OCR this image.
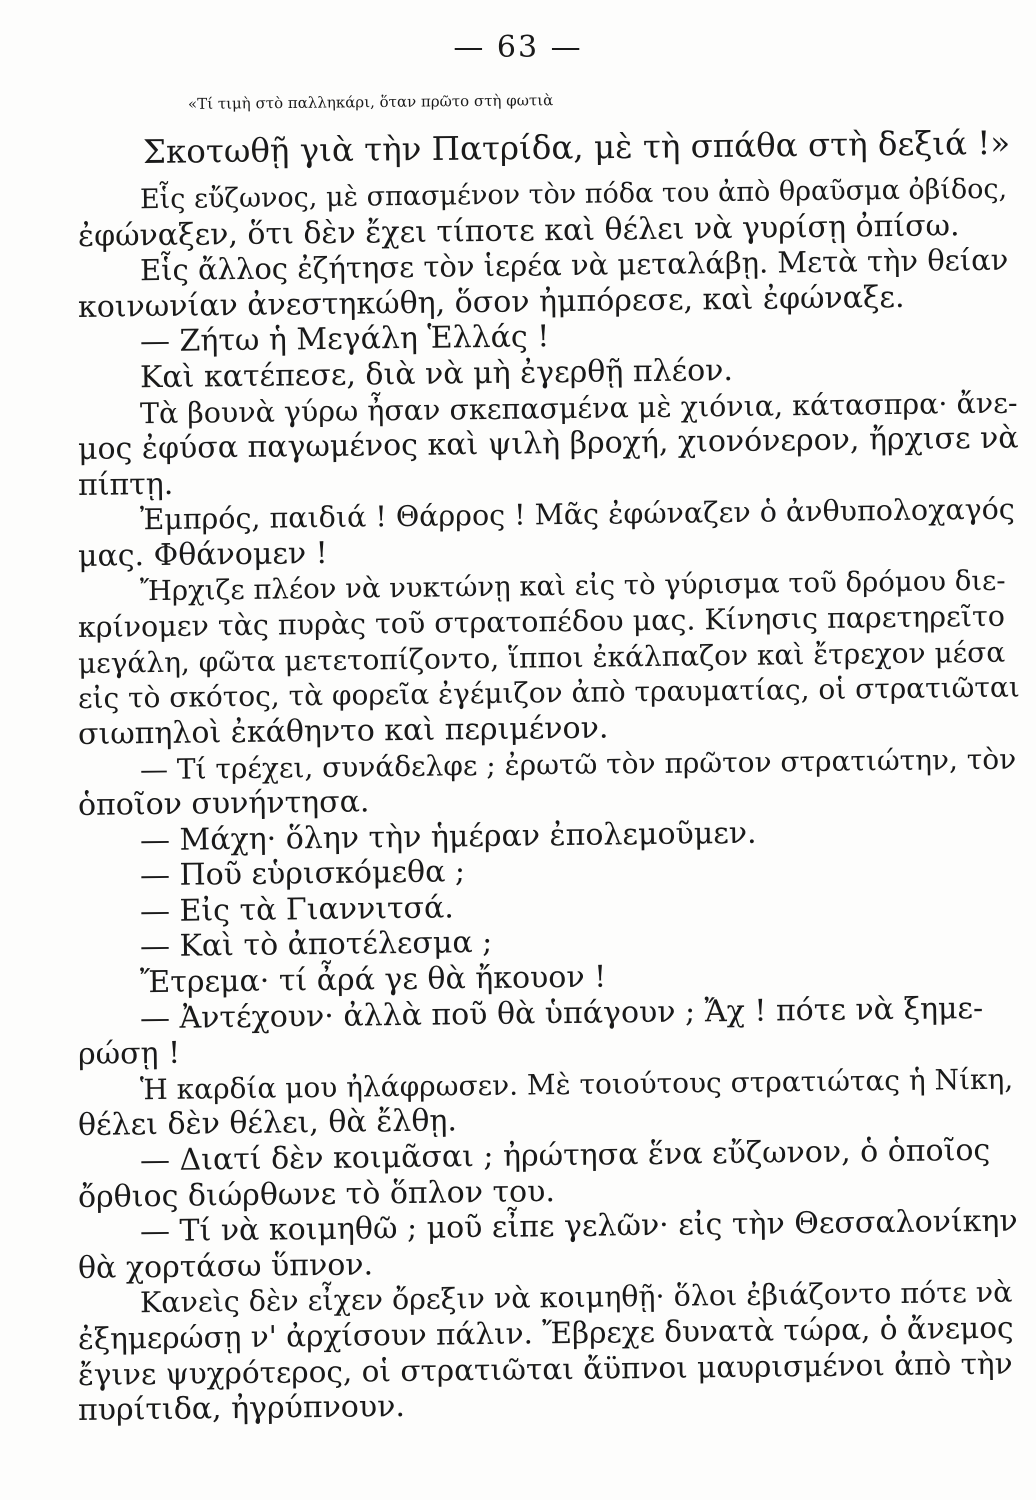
— 63 —
«Τί τιμὴ στὸ παλληκάρι, ὅταν πρῶτο στὴ φωτιὰ
Σκοτωθῇ γιὰ τὴν Πατρίδα, μὲ τὴ σπάθα στὴ δεξιά !»
Εἷς εὔζωνος, μὲ σπασμένον τὸν πόδα του ἀπὸ θραῦσμα ὀβίδος,
ἐφώναξεν, ὅτι δὲν ἔχει τίποτε καὶ θέλει νὰ γυρίσῃ ὀπίσω.
Εἷς ἄλλος ἐζήτησε τὸν ἱερέα νὰ μεταλάβῃ. Μετὰ τὴν θείαν
κοινωνίαν ἀνεστηκώθη, ὅσον ἠμπόρεσε, καὶ ἐφώναξε.
— Ζήτω ἡ Μεγάλη Ἑλλάς !
Καὶ κατέπεσε, διὰ νὰ μὴ ἐγερθῇ πλέον.
Τὰ βουνὰ γύρω ἦσαν σκεπασμένα μὲ χιόνια, κάτασπρα· ἄνε-
μος ἐφύσα παγωμένος καὶ ψιλὴ βροχή, χιονόνερον, ἤρχισε νὰ
πίπτῃ.
Ἐμπρός, παιδιά ! Θάρρος ! Μᾶς ἐφώναζεν ὁ ἀνθυπολοχαγός
μας. Φθάνομεν !
Ἤρχιζε πλέον νὰ νυκτώνῃ καὶ εἰς τὸ γύρισμα τοῦ δρόμου διε-
κρίνομεν τὰς πυρὰς τοῦ στρατοπέδου μας. Κίνησις παρετηρεῖτο
μεγάλη, φῶτα μετετοπίζοντο, ἵπποι ἐκάλπαζον καὶ ἔτρεχον μέσα
εἰς τὸ σκότος, τὰ φορεῖα ἐγέμιζον ἀπὸ τραυματίας, οἱ στρατιῶται
σιωπηλοὶ ἐκάθηντο καὶ περιμένον.
— Τί τρέχει, συνάδελφε ; ἐρωτῶ τὸν πρῶτον στρατιώτην, τὸν
ὁποῖον συνήντησα.
— Μάχη· ὅλην τὴν ἡμέραν ἐπολεμοῦμεν.
— Ποῦ εὑρισκόμεθα ;
— Εἰς τὰ Γιαννιτσά.
— Καὶ τὸ ἀποτέλεσμα ;
Ἔτρεμα· τί ἆρά γε θὰ ἤκουον !
— Ἀντέχουν· ἀλλὰ ποῦ θὰ ὑπάγουν ; Ἄχ ! πότε νὰ ξημε-
ρώσῃ !
Ἡ καρδία μου ἠλάφρωσεν. Μὲ τοιούτους στρατιώτας ἡ Νίκη,
θέλει δὲν θέλει, θὰ ἔλθῃ.
— Διατί δὲν κοιμᾶσαι ; ἠρώτησα ἕνα εὔζωνον, ὁ ὁποῖος
ὄρθιος διώρθωνε τὸ ὅπλον του.
— Τί νὰ κοιμηθῶ ; μοῦ εἶπε γελῶν· εἰς τὴν Θεσσαλονίκην
θὰ χορτάσω ὕπνον.
Κανεὶς δὲν εἶχεν ὄρεξιν νὰ κοιμηθῇ· ὅλοι ἐβιάζοντο πότε νὰ
ἐξημερώσῃ ν' ἀρχίσουν πάλιν. Ἔβρεχε δυνατὰ τώρα, ὁ ἄνεμος
ἔγινε ψυχρότερος, οἱ στρατιῶται ἄϋπνοι μαυρισμένοι ἀπὸ τὴν
πυρίτιδα, ἠγρύπνουν.
